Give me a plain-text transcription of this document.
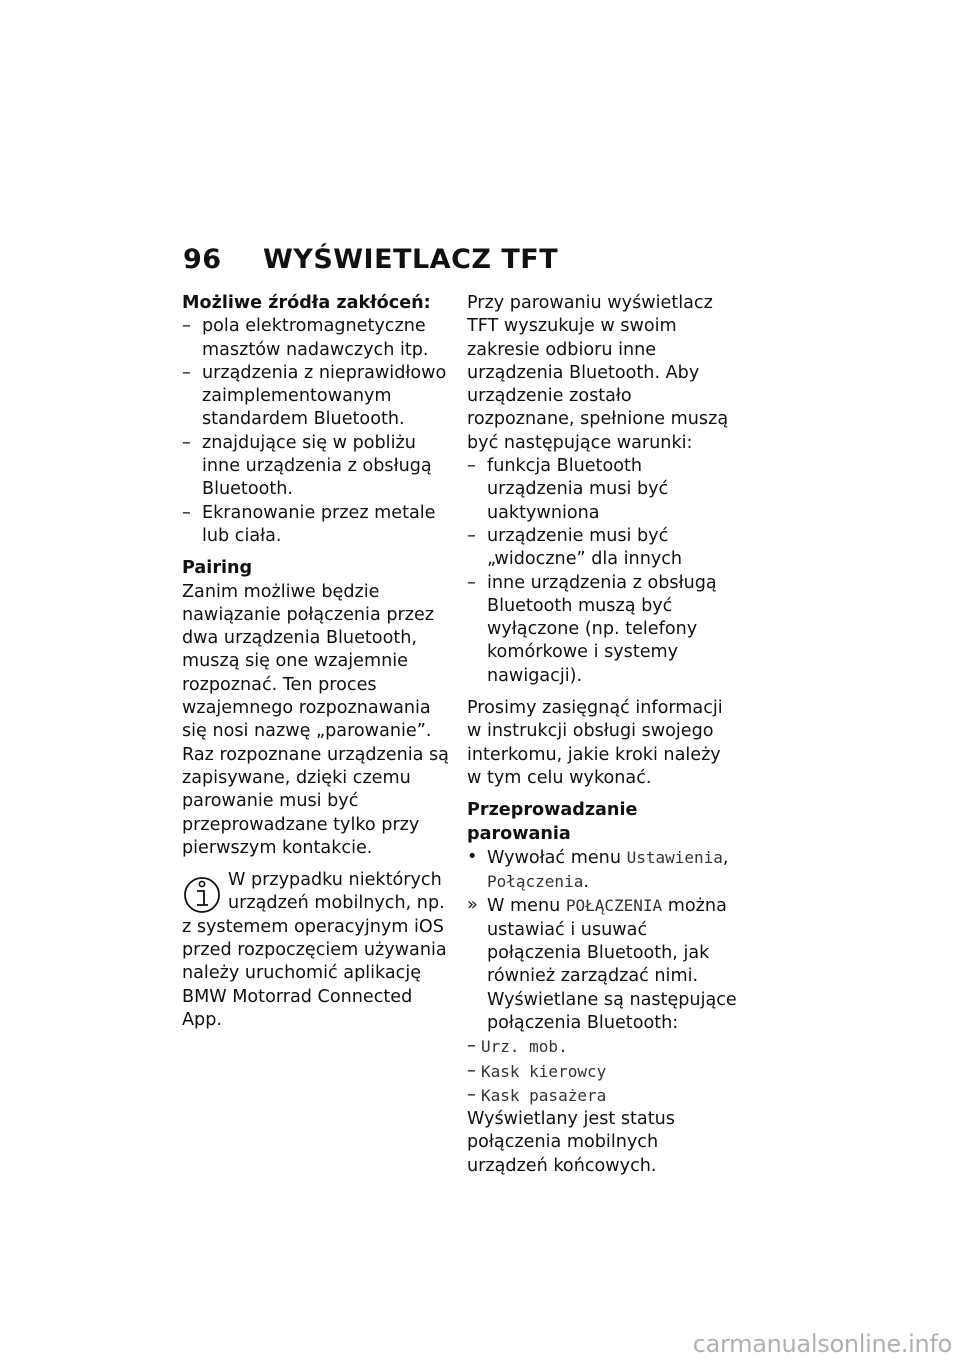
96 WYŚWIETLACZ TFT
Możliwe źródła zakłóceń:
– pola elektromagnetyczne masztów nadawczych itp.
– urządzenia z nieprawidłowo zaimplementowanym standardem Bluetooth.
– znajdujące się w pobliżu inne urządzenia z obsługą Bluetooth.
– Ekranowanie przez metale lub ciała.
Pairing

Zanim możliwe będzie nawiązanie połączenia przez dwa urządzenia Bluetooth, muszą się one wzajemnie rozpoznać. Ten proces wzajemnego rozpoznawania się nosi nazwę „parowanie”. Raz rozpoznane urządzenia są zapisywane, dzięki czemu parowanie musi być przeprowadzane tylko przy pierwszym kontakcie.

W przypadku niektórych urządzeń mobilnych, np. z systemem operacyjnym iOS przed rozpoczęciem używania należy uruchomić aplikację BMW Motorrad Connected App.

Przy parowaniu wyświetlacz TFT wyszukuje w swoim zakresie odbioru inne urządzenia Bluetooth. Aby urządzenie zostało rozpoznane, spełnione muszą być następujące warunki:

– funkcja Bluetooth urządzenia musi być uaktywniona
– urządzenie musi być „widoczne” dla innych
– inne urządzenia z obsługą Bluetooth muszą być wyłączone (np. telefony komórkowe i systemy nawigacji).

Prosimy zasięgnąć informacji w instrukcji obsługi swojego interkomu, jakie kroki należy w tym celu wykonać.

Przeprowadzanie parowania
• Wywołać menu Ustawienia, Połączenia.
» W menu POŁĄCZENIA można ustawiać i usuwać połączenia Bluetooth, jak również zarządzać nimi. Wyświetlane są następujące połączenia Bluetooth:
– Urz. mob.
– Kask kierowcy
– Kask pasażera

Wyświetlany jest status połączenia mobilnych urządzeń końcowych.

carmanualsonline.info
